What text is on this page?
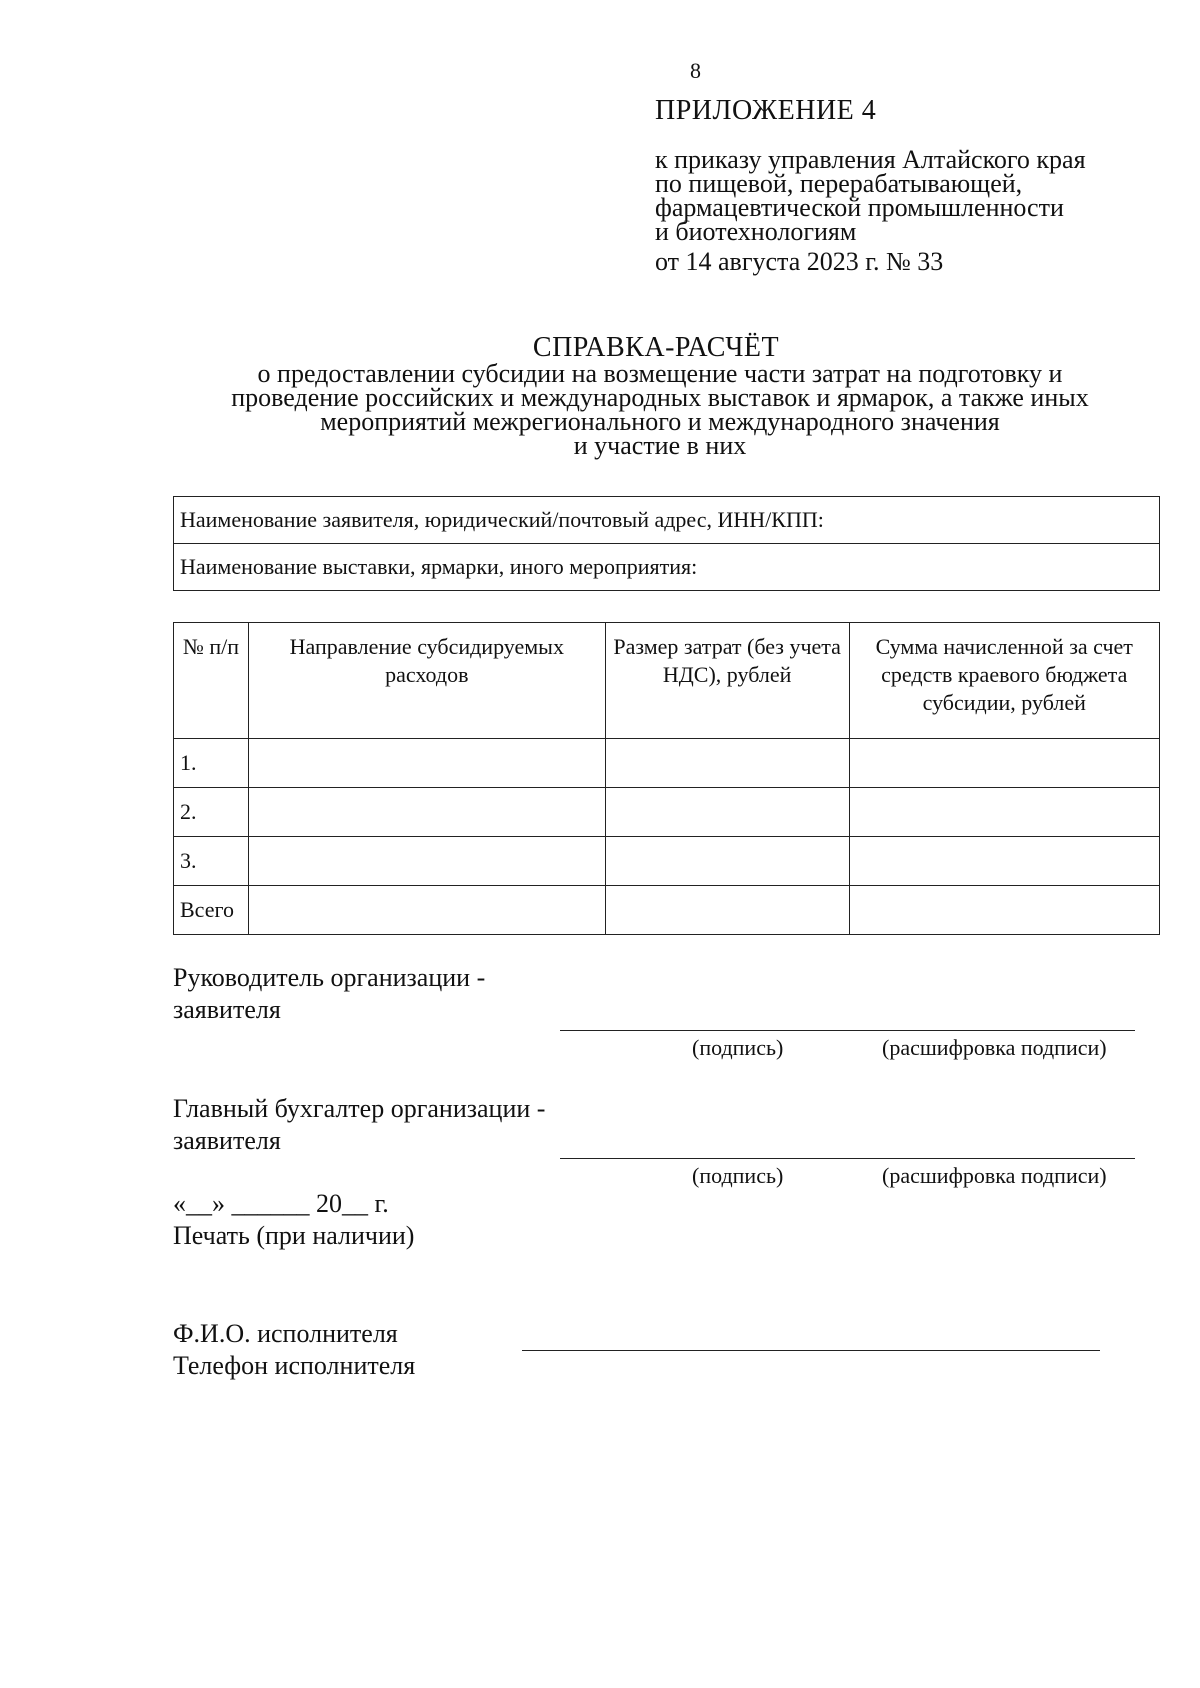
8
ПРИЛОЖЕНИЕ 4
к приказу управления Алтайского края
по пищевой, перерабатывающей,
фармацевтической промышленности
и биотехнологиям
от 14 августа 2023 г. № 33
СПРАВКА-РАСЧЁТ
о предоставлении субсидии на возмещение части затрат на подготовку и
проведение российских и международных выставок и ярмарок, а также иных
мероприятий межрегионального и международного значения
и участие в них
Наименование заявителя, юридический/почтовый адрес, ИНН/КПП:
Наименование выставки, ярмарки, иного мероприятия:
№ п/п	Направление субсидируемых расходов	Размер затрат (без учета НДС), рублей	Сумма начисленной за счет средств краевого бюджета субсидии, рублей
1.			
2.			
3.			
Всего			
Руководитель организации -
заявителя
(подпись)	(расшифровка подписи)
Главный бухгалтер организации -
заявителя
(подпись)	(расшифровка подписи)
«__» ______ 20__ г.
Печать (при наличии)
Ф.И.О. исполнителя
Телефон исполнителя
